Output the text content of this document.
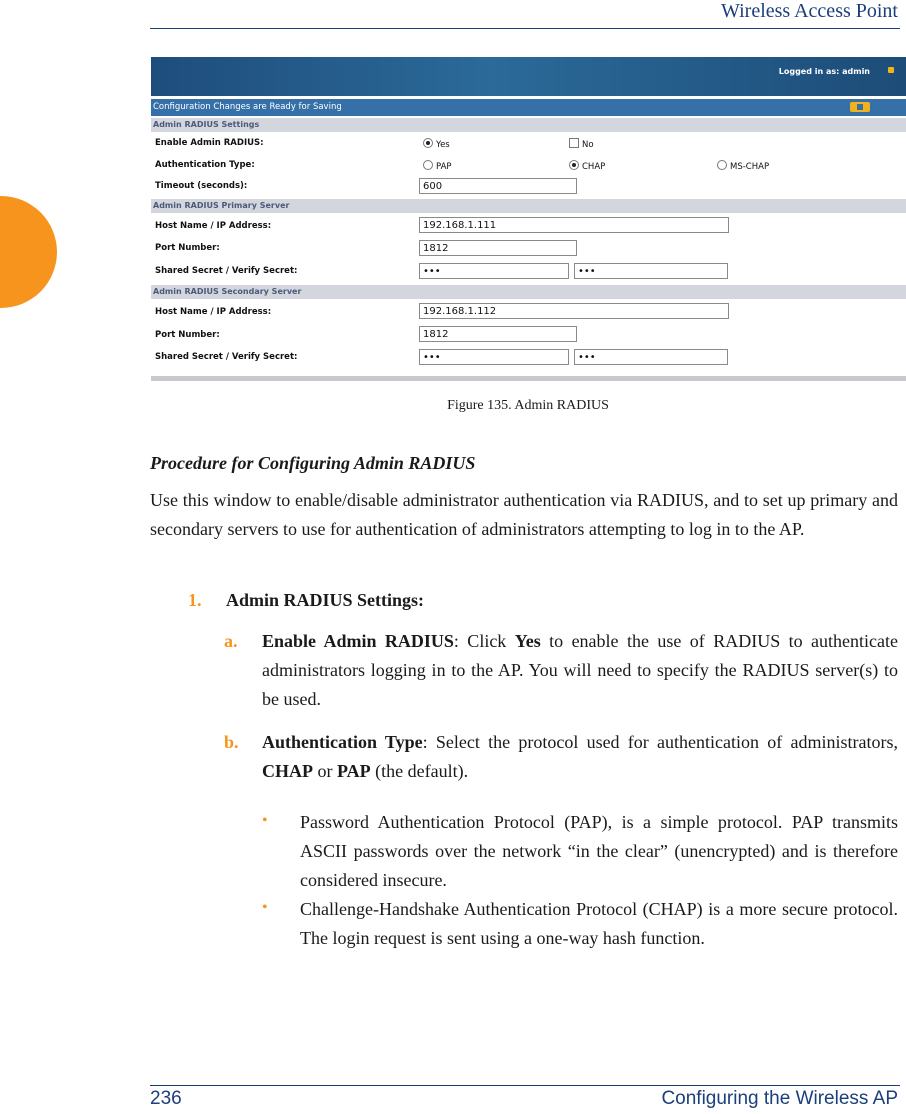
Wireless Access Point
Logged in as: admin
Configuration Changes are Ready for Saving
Admin RADIUS Settings
Enable Admin RADIUS:	Yes	No
Authentication Type:	PAP	CHAP	MS-CHAP
Timeout (seconds):	600
Admin RADIUS Primary Server
Host Name / IP Address:	192.168.1.111
Port Number:	1812
Shared Secret / Verify Secret:	•••	•••
Admin RADIUS Secondary Server
Host Name / IP Address:	192.168.1.112
Port Number:	1812
Shared Secret / Verify Secret:	•••	•••
Figure 135. Admin RADIUS
Procedure for Configuring Admin RADIUS
Use this window to enable/disable administrator authentication via RADIUS, and to set up primary and secondary servers to use for authentication of administrators attempting to log in to the AP.
1. Admin RADIUS Settings:
a. Enable Admin RADIUS: Click Yes to enable the use of RADIUS to authenticate administrators logging in to the AP. You will need to specify the RADIUS server(s) to be used.
b. Authentication Type: Select the protocol used for authentication of administrators, CHAP or PAP (the default).
• Password Authentication Protocol (PAP), is a simple protocol. PAP transmits ASCII passwords over the network “in the clear” (unencrypted) and is therefore considered insecure.
• Challenge-Handshake Authentication Protocol (CHAP) is a more secure protocol. The login request is sent using a one-way hash function.
236	Configuring the Wireless AP
